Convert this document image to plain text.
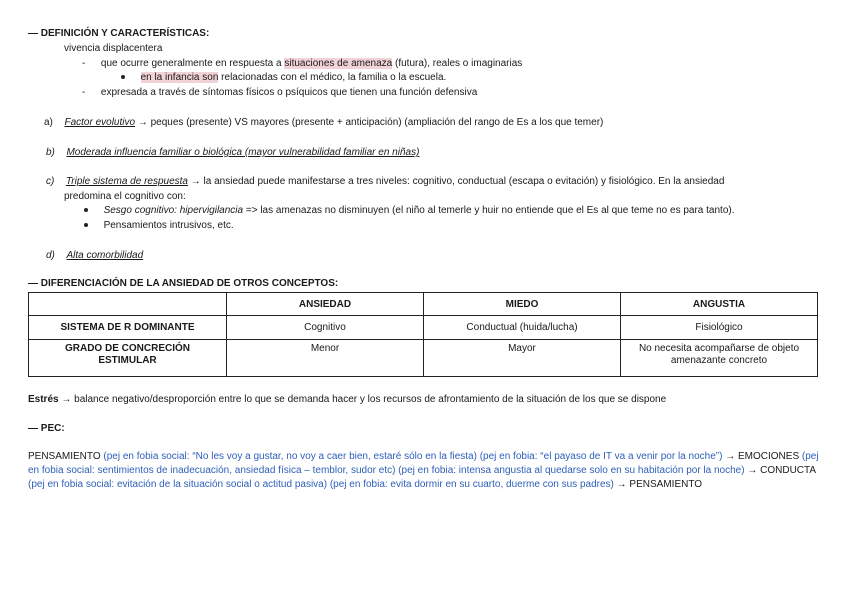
— DEFINICIÓN Y CARACTERÍSTICAS:
vivencia displacentera
- que ocurre generalmente en respuesta a situaciones de amenaza (futura), reales o imaginarias
en la infancia son relacionadas con el médico, la familia o la escuela.
- expresada a través de síntomas físicos o psíquicos que tienen una función defensiva
a) Factor evolutivo → peques (presente) VS mayores (presente + anticipación) (ampliación del rango de Es a los que temer)
b) Moderada influencia familiar o biológica (mayor vulnerabilidad familiar en niñas)
c) Triple sistema de respuesta → la ansiedad puede manifestarse a tres niveles: cognitivo, conductual (escapa o evitación) y fisiológico. En la ansiedad
predomina el cognitivo con:
Sesgo cognitivo: hipervigilancia => las amenazas no disminuyen (el niño al temerle y huir no entiende que el Es al que teme no es para tanto).
Pensamientos intrusivos, etc.
d) Alta comorbilidad
— DIFERENCIACIÓN DE LA ANSIEDAD DE OTROS CONCEPTOS:
	ANSIEDAD	MIEDO	ANGUSTIA
SISTEMA DE R DOMINANTE	Cognitivo	Conductual (huida/lucha)	Fisiológico
GRADO DE CONCRECIÓN ESTIMULAR	Menor	Mayor	No necesita acompañarse de objeto amenazante concreto
Estrés → balance negativo/desproporción entre lo que se demanda hacer y los recursos de afrontamiento de la situación de los que se dispone
— PEC:
PENSAMIENTO (pej en fobia social: “No les voy a gustar, no voy a caer bien, estaré sólo en la fiesta) (pej en fobia: “el payaso de IT va a venir por la noche”) → EMOCIONES (pej en fobia social: sentimientos de inadecuación, ansiedad física – temblor, sudor etc) (pej en fobia: intensa angustia al quedarse solo en su habitación por la noche) → CONDUCTA (pej en fobia social: evitación de la situación social o actitud pasiva) (pej en fobia: evita dormir en su cuarto, duerme con sus padres) → PENSAMIENTO
